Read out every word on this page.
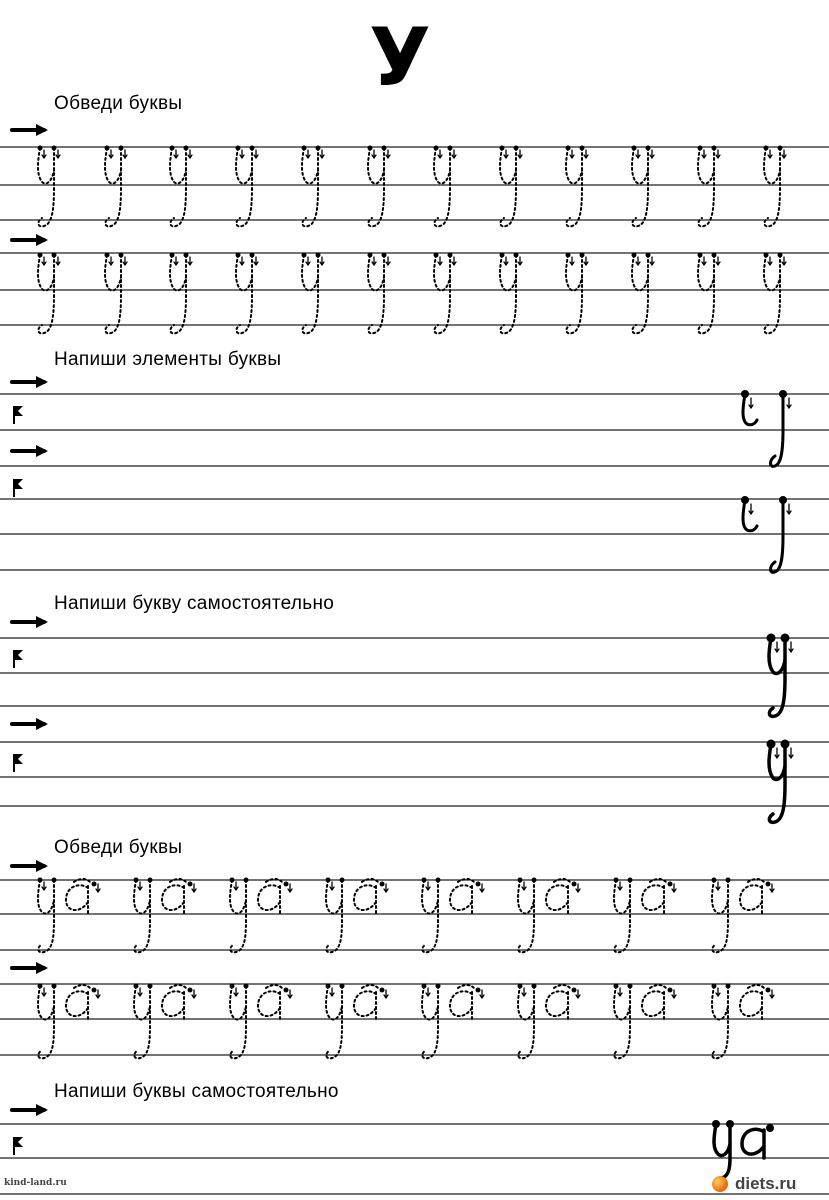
У
Обведи буквы
Напиши элементы буквы
Напиши букву самостоятельно
Обведи буквы
Напиши буквы самостоятельно
kind-land.ru	diets.ru
